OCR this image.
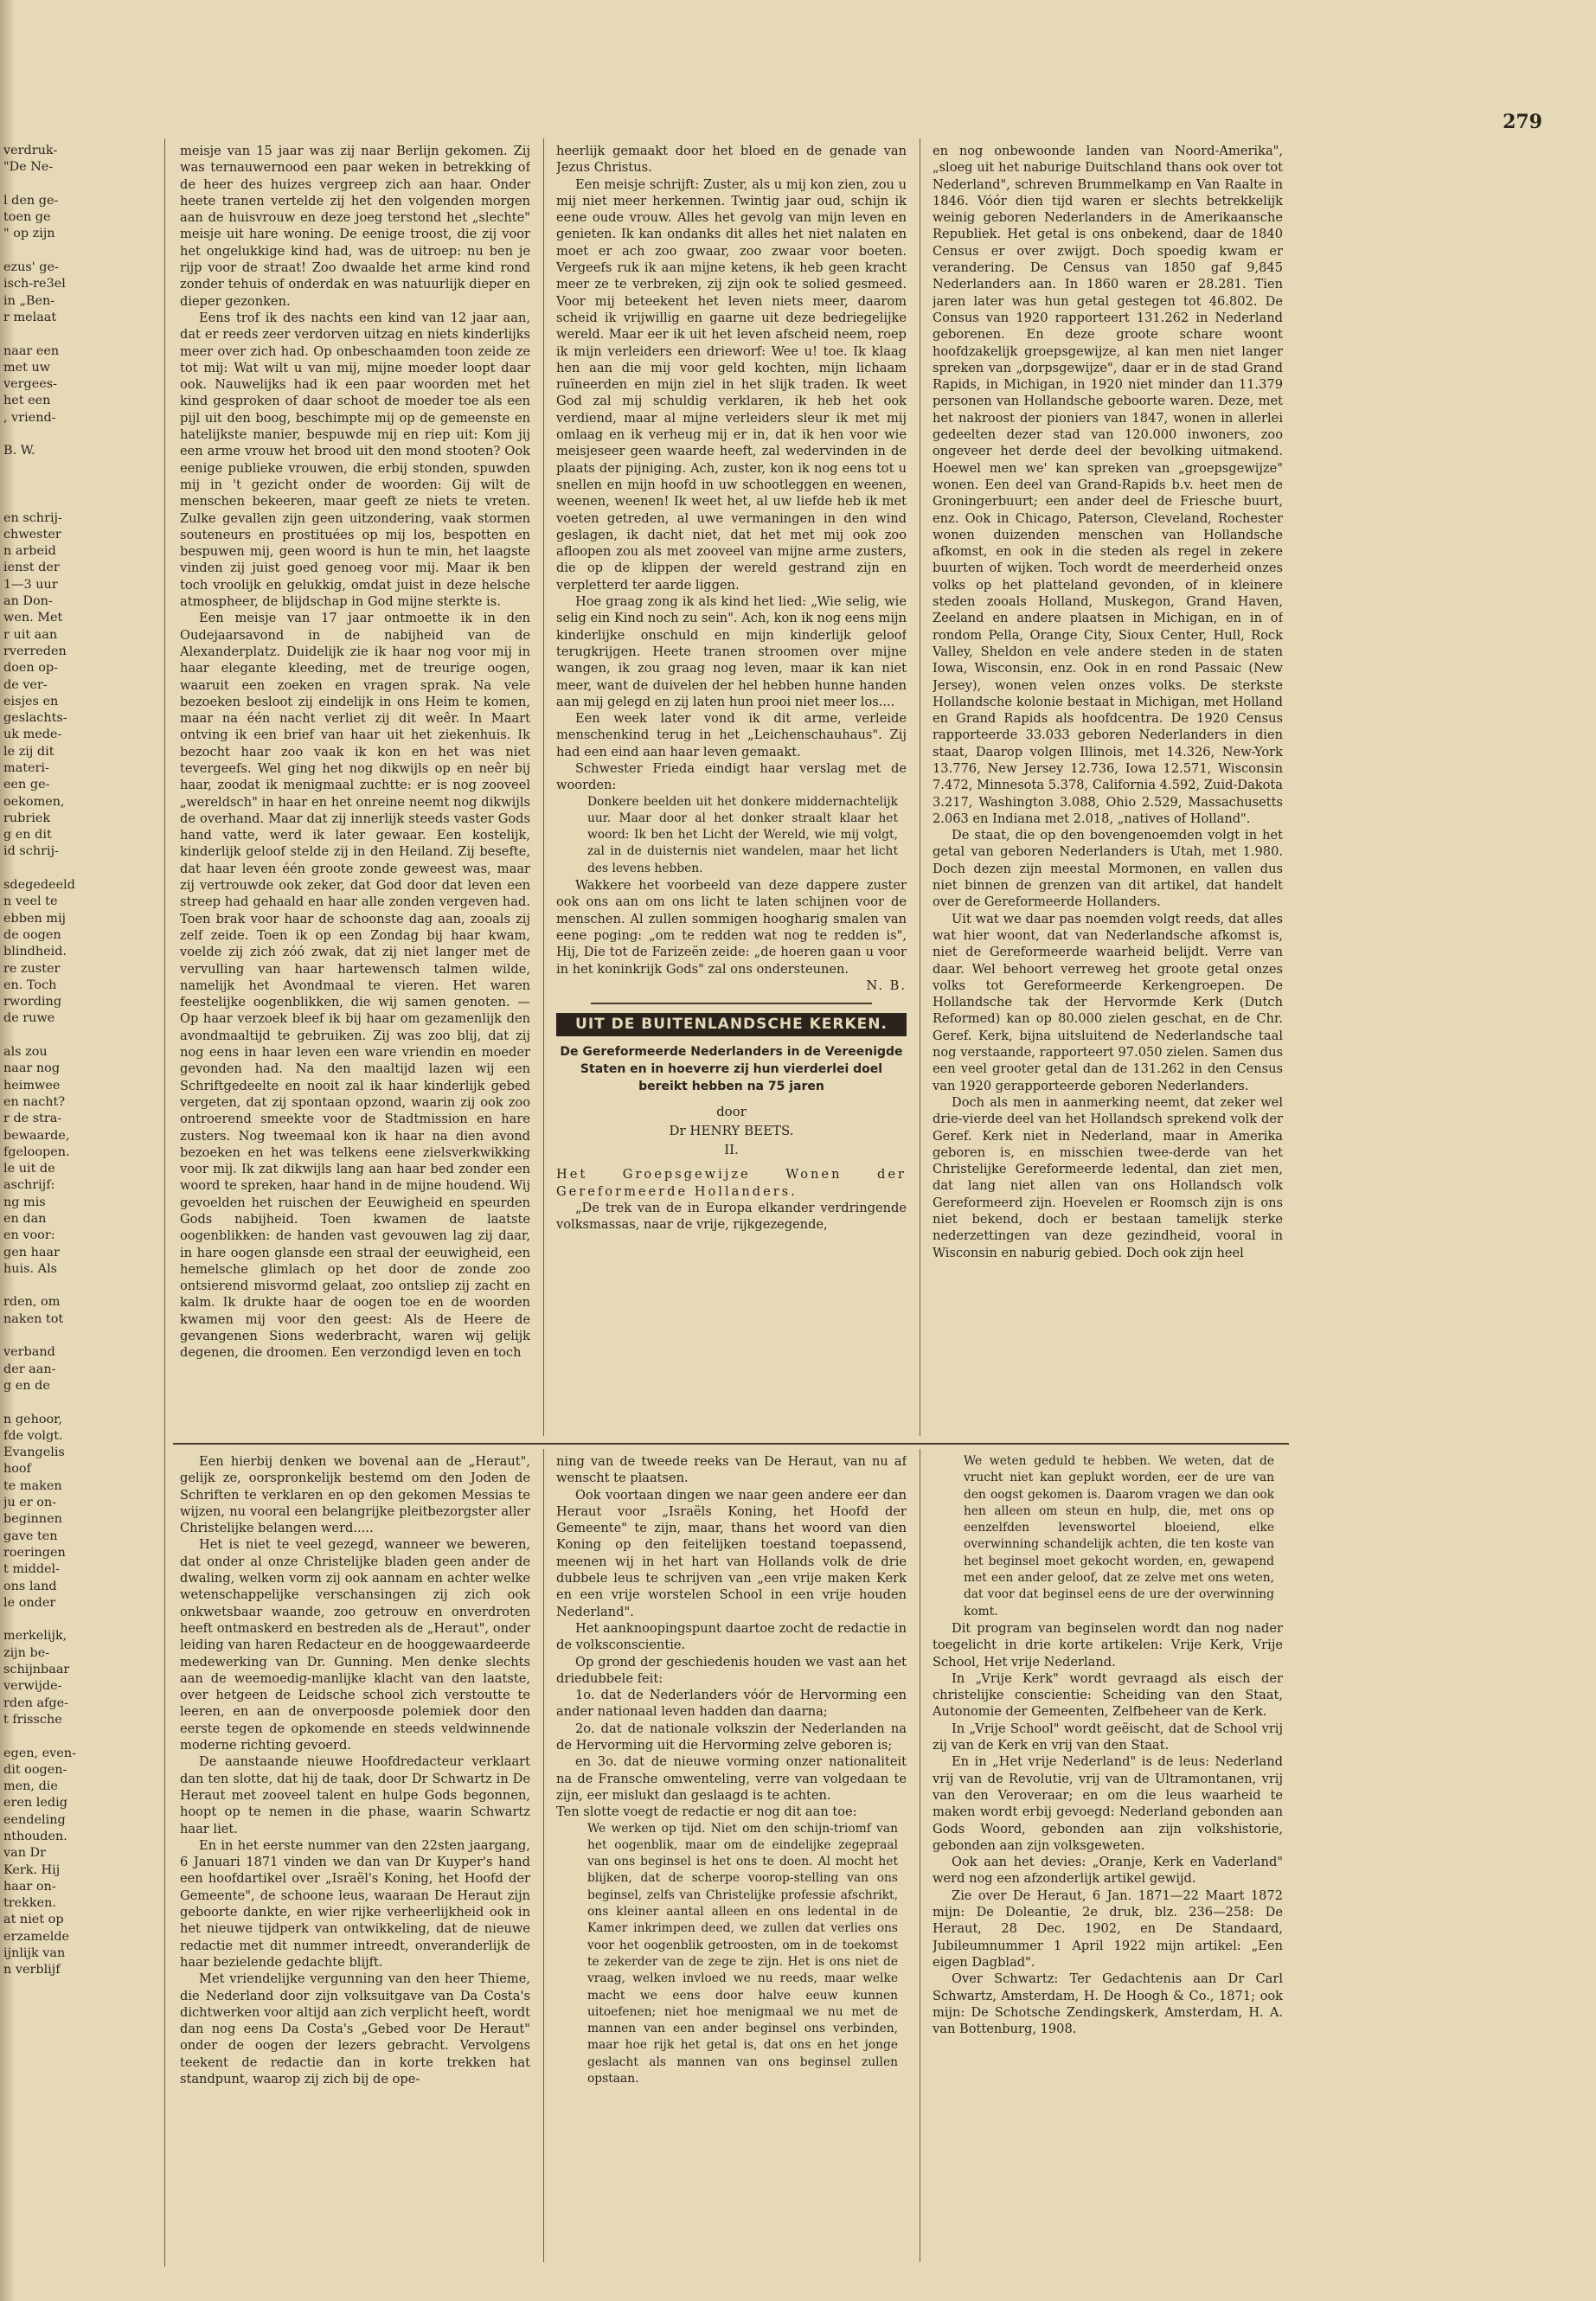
279
verdruk-
"De Ne-
l den ge-
toen ge
" op zijn
ezus' ge-
isch-re3el
in „Ben-
r melaat
naar een
met uw
vergees-
het een
, vriend-
B. W.
en schrij-
chwester
n arbeid
ienst der
1—3 uur
an Don-
wen. Met
r uit aan
rverreden
doen op-
de ver-
eisjes en
geslachts-
uk mede-
le zij dit
materi-
een ge-
oekomen,
rubriek
g en dit
id schrij-
sdegedeeld
n veel te
ebben mij
de oogen
blindheid.
re zuster
en. Toch
rwording
de ruwe
als zou
naar nog
heimwee
en nacht?
r de stra-
bewaarde,
fgeloopen.
le uit de
aschrijf:
ng mis
en dan
en voor:
gen haar
huis. Als
rden, om
naken tot
verband
der aan-
g en de
n gehoor,
fde volgt.
Evangelis
hoof
te maken
ju er on-
beginnen
gave ten
roeringen
t middel-
ons land
le onder
merkelijk,
zijn be-
schijnbaar
verwijde-
rden afge-
t frissche
egen, even-
dit oogen-
men, die
eren ledig
eendeling
nthouden.
van Dr
Kerk. Hij
haar on-
trekken.
at niet op
erzamelde
ijnlijk van
n verblijf

meisje van 15 jaar was zij naar Berlijn gekomen. Zij was ternauwernood een paar weken in betrekking of de heer des huizes vergreep zich aan haar. Onder heete tranen vertelde zij het den volgenden morgen aan de huisvrouw en deze joeg terstond het „slechte" meisje uit hare woning. De eenige troost, die zij voor het ongelukkige kind had, was de uitroep: nu ben je rijp voor de straat! Zoo dwaalde het arme kind rond zonder tehuis of onderdak en was natuurlijk dieper en dieper gezonken.

Eens trof ik des nachts een kind van 12 jaar aan, dat er reeds zeer verdorven uitzag en niets kinderlijks meer over zich had. Op onbeschaamden toon zeide ze tot mij: Wat wilt u van mij, mijne moeder loopt daar ook. Nauwelijks had ik een paar woorden met het kind gesproken of daar schoot de moeder toe als een pijl uit den boog, beschimpte mij op de gemeenste en hatelijkste manier, bespuwde mij en riep uit: Kom jij een arme vrouw het brood uit den mond stooten? Ook eenige publieke vrouwen, die erbij stonden, spuwden mij in 't gezicht onder de woorden: Gij wilt de menschen bekeeren, maar geeft ze niets te vreten. Zulke gevallen zijn geen uitzondering, vaak stormen souteneurs en prostituées op mij los, bespotten en bespuwen mij, geen woord is hun te min, het laagste vinden zij juist goed genoeg voor mij. Maar ik ben toch vroolijk en gelukkig, omdat juist in deze helsche atmospheer, de blijdschap in God mijne sterkte is.

Een meisje van 17 jaar ontmoette ik in den Oudejaarsavond in de nabijheid van de Alexanderplatz. Duidelijk zie ik haar nog voor mij in haar elegante kleeding, met de treurige oogen, waaruit een zoeken en vragen sprak. Na vele bezoeken besloot zij eindelijk in ons Heim te komen, maar na één nacht verliet zij dit weêr. In Maart ontving ik een brief van haar uit het ziekenhuis. Ik bezocht haar zoo vaak ik kon en het was niet tevergeefs. Wel ging het nog dikwijls op en neêr bij haar, zoodat ik menigmaal zuchtte: er is nog zooveel „wereldsch" in haar en het onreine neemt nog dikwijls de overhand. Maar dat zij innerlijk steeds vaster Gods hand vatte, werd ik later gewaar. Een kostelijk, kinderlijk geloof stelde zij in den Heiland. Zij besefte, dat haar leven één groote zonde geweest was, maar zij vertrouwde ook zeker, dat God door dat leven een streep had gehaald en haar alle zonden vergeven had. Toen brak voor haar de schoonste dag aan, zooals zij zelf zeide. Toen ik op een Zondag bij haar kwam, voelde zij zich zóó zwak, dat zij niet langer met de vervulling van haar hartewensch talmen wilde, namelijk het Avondmaal te vieren. Het waren feestelijke oogenblikken, die wij samen genoten. — Op haar verzoek bleef ik bij haar om gezamenlijk den avondmaaltijd te gebruiken. Zij was zoo blij, dat zij nog eens in haar leven een ware vriendin en moeder gevonden had. Na den maaltijd lazen wij een Schriftgedeelte en nooit zal ik haar kinderlijk gebed vergeten, dat zij spontaan opzond, waarin zij ook zoo ontroerend smeekte voor de Stadtmission en hare zusters. Nog tweemaal kon ik haar na dien avond bezoeken en het was telkens eene zielsverkwikking voor mij. Ik zat dikwijls lang aan haar bed zonder een woord te spreken, haar hand in de mijne houdend. Wij gevoelden het ruischen der Eeuwigheid en speurden Gods nabijheid. Toen kwamen de laatste oogenblikken: de handen vast gevouwen lag zij daar, in hare oogen glansde een straal der eeuwigheid, een hemelsche glimlach op het door de zonde zoo ontsierend misvormd gelaat, zoo ontsliep zij zacht en kalm. Ik drukte haar de oogen toe en de woorden kwamen mij voor den geest: Als de Heere de gevangenen Sions wederbracht, waren wij gelijk degenen, die droomen. Een verzondigd leven en toch

heerlijk gemaakt door het bloed en de genade van Jezus Christus.

Een meisje schrijft: Zuster, als u mij kon zien, zou u mij niet meer herkennen. Twintig jaar oud, schijn ik eene oude vrouw. Alles het gevolg van mijn leven en genieten. Ik kan ondanks dit alles het niet nalaten en moet er ach zoo gwaar, zoo zwaar voor boeten. Vergeefs ruk ik aan mijne ketens, ik heb geen kracht meer ze te verbreken, zij zijn ook te solied gesmeed. Voor mij beteekent het leven niets meer, daarom scheid ik vrijwillig en gaarne uit deze bedriegelijke wereld. Maar eer ik uit het leven afscheid neem, roep ik mijn verleiders een drieworf: Wee u! toe. Ik klaag hen aan die mij voor geld kochten, mijn lichaam ruïneerden en mijn ziel in het slijk traden. Ik weet God zal mij schuldig verklaren, ik heb het ook verdiend, maar al mijne verleiders sleur ik met mij omlaag en ik verheug mij er in, dat ik hen voor wie meisjeseer geen waarde heeft, zal wedervinden in de plaats der pijniging. Ach, zuster, kon ik nog eens tot u snellen en mijn hoofd in uw schootleggen en weenen, weenen, weenen! Ik weet het, al uw liefde heb ik met voeten getreden, al uwe vermaningen in den wind geslagen, ik dacht niet, dat het met mij ook zoo afloopen zou als met zooveel van mijne arme zusters, die op de klippen der wereld gestrand zijn en verpletterd ter aarde liggen.

Hoe graag zong ik als kind het lied: „Wie selig, wie selig ein Kind noch zu sein". Ach, kon ik nog eens mijn kinderlijke onschuld en mijn kinderlijk geloof terugkrijgen. Heete tranen stroomen over mijne wangen, ik zou graag nog leven, maar ik kan niet meer, want de duivelen der hel hebben hunne handen aan mij gelegd en zij laten hun prooi niet meer los....

Een week later vond ik dit arme, verleide menschenkind terug in het „Leichenschauhaus". Zij had een eind aan haar leven gemaakt.

Schwester Frieda eindigt haar verslag met de woorden:

Donkere beelden uit het donkere middernachtelijk uur. Maar door al het donker straalt klaar het woord: Ik ben het Licht der Wereld, wie mij volgt, zal in de duisternis niet wandelen, maar het licht des levens hebben.

Wakkere het voorbeeld van deze dappere zuster ook ons aan om ons licht te laten schijnen voor de menschen. Al zullen sommigen hoogharig smalen van eene poging: „om te redden wat nog te redden is", Hij, Die tot de Farizeën zeide: „de hoeren gaan u voor in het koninkrijk Gods" zal ons ondersteunen.

N. B.

UIT DE BUITENLANDSCHE KERKEN.
De Gereformeerde Nederlanders in de Vereenigde Staten en in hoeverre zij hun vierderlei doel bereikt hebben na 75 jaren
door
Dr HENRY BEETS.
II.

Het Groepsgewijze Wonen der Gereformeerde Hollanders.

„De trek van de in Europa elkander verdringende volksmassas, naar de vrije, rijkgezegende,

en nog onbewoonde landen van Noord-Amerika", „sloeg uit het naburige Duitschland thans ook over tot Nederland", schreven Brummelkamp en Van Raalte in 1846. Vóór dien tijd waren er slechts betrekkelijk weinig geboren Nederlanders in de Amerikaansche Republiek. Het getal is ons onbekend, daar de 1840 Census er over zwijgt. Doch spoedig kwam er verandering. De Census van 1850 gaf 9,845 Nederlanders aan. In 1860 waren er 28.281. Tien jaren later was hun getal gestegen tot 46.802. De Consus van 1920 rapporteert 131.262 in Nederland geborenen. En deze groote schare woont hoofdzakelijk groepsgewijze, al kan men niet langer spreken van „dorpsgewijze", daar er in de stad Grand Rapids, in Michigan, in 1920 niet minder dan 11.379 personen van Hollandsche geboorte waren. Deze, met het nakroost der pioniers van 1847, wonen in allerlei gedeelten dezer stad van 120.000 inwoners, zoo ongeveer het derde deel der bevolking uitmakend. Hoewel men we' kan spreken van „groepsgewijze" wonen. Een deel van Grand-Rapids b.v. heet men de Groningerbuurt; een ander deel de Friesche buurt, enz. Ook in Chicago, Paterson, Cleveland, Rochester wonen duizenden menschen van Hollandsche afkomst, en ook in die steden als regel in zekere buurten of wijken. Toch wordt de meerderheid onzes volks op het platteland gevonden, of in kleinere steden zooals Holland, Muskegon, Grand Haven, Zeeland en andere plaatsen in Michigan, en in of rondom Pella, Orange City, Sioux Center, Hull, Rock Valley, Sheldon en vele andere steden in de staten Iowa, Wisconsin, enz. Ook in en rond Passaic (New Jersey), wonen velen onzes volks. De sterkste Hollandsche kolonie bestaat in Michigan, met Holland en Grand Rapids als hoofdcentra. De 1920 Census rapporteerde 33.033 geboren Nederlanders in dien staat, Daarop volgen Illinois, met 14.326, New-York 13.776, New Jersey 12.736, Iowa 12.571, Wisconsin 7.472, Minnesota 5.378, California 4.592, Zuid-Dakota 3.217, Washington 3.088, Ohio 2.529, Massachusetts 2.063 en Indiana met 2.018, „natives of Holland".

De staat, die op den bovengenoemden volgt in het getal van geboren Nederlanders is Utah, met 1.980. Doch dezen zijn meestal Mormonen, en vallen dus niet binnen de grenzen van dit artikel, dat handelt over de Gereformeerde Hollanders.

Uit wat we daar pas noemden volgt reeds, dat alles wat hier woont, dat van Nederlandsche afkomst is, niet de Gereformeerde waarheid belijdt. Verre van daar. Wel behoort verreweg het groote getal onzes volks tot Gereformeerde Kerkengroepen. De Hollandsche tak der Hervormde Kerk (Dutch Reformed) kan op 80.000 zielen geschat, en de Chr. Geref. Kerk, bijna uitsluitend de Nederlandsche taal nog verstaande, rapporteert 97.050 zielen. Samen dus een veel grooter getal dan de 131.262 in den Census van 1920 gerapporteerde geboren Nederlanders.

Doch als men in aanmerking neemt, dat zeker wel drie-vierde deel van het Hollandsch sprekend volk der Geref. Kerk niet in Nederland, maar in Amerika geboren is, en misschien twee-derde van het Christelijke Gereformeerde ledental, dan ziet men, dat lang niet allen van ons Hollandsch volk Gereformeerd zijn. Hoevelen er Roomsch zijn is ons niet bekend, doch er bestaan tamelijk sterke nederzettingen van deze gezindheid, vooral in Wisconsin en naburig gebied. Doch ook zijn heel

Een hierbij denken we bovenal aan de „Heraut", gelijk ze, oorspronkelijk bestemd om den Joden de Schriften te verklaren en op den gekomen Messias te wijzen, nu vooral een belangrijke pleitbezorgster aller Christelijke belangen werd.....

Het is niet te veel gezegd, wanneer we beweren, dat onder al onze Christelijke bladen geen ander de dwaling, welken vorm zij ook aannam en achter welke wetenschappelijke verschansingen zij zich ook onkwetsbaar waande, zoo getrouw en onverdroten heeft ontmaskerd en bestreden als de „Heraut", onder leiding van haren Redacteur en de hooggewaardeerde medewerking van Dr. Gunning. Men denke slechts aan de weemoedig-manlijke klacht van den laatste, over hetgeen de Leidsche school zich verstoutte te leeren, en aan de onverpoosde polemiek door den eerste tegen de opkomende en steeds veldwinnende moderne richting gevoerd.

De aanstaande nieuwe Hoofdredacteur verklaart dan ten slotte, dat hij de taak, door Dr Schwartz in De Heraut met zooveel talent en hulpe Gods begonnen, hoopt op te nemen in die phase, waarin Schwartz haar liet.

En in het eerste nummer van den 22sten jaargang, 6 Januari 1871 vinden we dan van Dr Kuyper's hand een hoofdartikel over „Israël's Koning, het Hoofd der Gemeente", de schoone leus, waaraan De Heraut zijn geboorte dankte, en wier rijke verheerlijkheid ook in het nieuwe tijdperk van ontwikkeling, dat de nieuwe redactie met dit nummer intreedt, onveranderlijk de haar bezielende gedachte blijft.

Met vriendelijke vergunning van den heer Thieme, die Nederland door zijn volksuitgave van Da Costa's dichtwerken voor altijd aan zich verplicht heeft, wordt dan nog eens Da Costa's „Gebed voor De Heraut" onder de oogen der lezers gebracht. Vervolgens teekent de redactie dan in korte trekken hat standpunt, waarop zij zich bij de ope-

ning van de tweede reeks van De Heraut, van nu af wenscht te plaatsen.

Ook voortaan dingen we naar geen andere eer dan Heraut voor „Israëls Koning, het Hoofd der Gemeente" te zijn, maar, thans het woord van dien Koning op den feitelijken toestand toepassend, meenen wij in het hart van Hollands volk de drie dubbele leus te schrijven van „een vrije maken Kerk en een vrije worstelen School in een vrije houden Nederland".

Het aanknoopingspunt daartoe zocht de redactie in de volksconscientie.

Op grond der geschiedenis houden we vast aan het driedubbele feit:

1o. dat de Nederlanders vóór de Hervorming een ander nationaal leven hadden dan daarna;

2o. dat de nationale volkszin der Nederlanden na de Hervorming uit die Hervorming zelve geboren is;

en 3o. dat de nieuwe vorming onzer nationaliteit na de Fransche omwenteling, verre van volgedaan te zijn, eer mislukt dan geslaagd is te achten.

Ten slotte voegt de redactie er nog dit aan toe:

We werken op tijd. Niet om den schijn-triomf van het oogenblik, maar om de eindelijke zegepraal van ons beginsel is het ons te doen. Al mocht het blijken, dat de scherpe voorop-stelling van ons beginsel, zelfs van Christelijke professie afschrikt, ons kleiner aantal alleen en ons ledental in de Kamer inkrimpen deed, we zullen dat verlies ons voor het oogenblik getroosten, om in de toekomst te zekerder van de zege te zijn. Het is ons niet de vraag, welken invloed we nu reeds, maar welke macht we eens door halve eeuw kunnen uitoefenen; niet hoe menigmaal we nu met de mannen van een ander beginsel ons verbinden, maar hoe rijk het getal is, dat ons en het jonge geslacht als mannen van ons beginsel zullen opstaan.

We weten geduld te hebben. We weten, dat de vrucht niet kan geplukt worden, eer de ure van den oogst gekomen is. Daarom vragen we dan ook hen alleen om steun en hulp, die, met ons op eenzelfden levenswortel bloeiend, elke overwinning schandelijk achten, die ten koste van het beginsel moet gekocht worden, en, gewapend met een ander geloof, dat ze zelve met ons weten, dat voor dat beginsel eens de ure der overwinning komt.

Dit program van beginselen wordt dan nog nader toegelicht in drie korte artikelen: Vrije Kerk, Vrije School, Het vrije Nederland.

In „Vrije Kerk" wordt gevraagd als eisch der christelijke conscientie: Scheiding van den Staat, Autonomie der Gemeenten, Zelfbeheer van de Kerk.

In „Vrije School" wordt geëischt, dat de School vrij zij van de Kerk en vrij van den Staat.

En in „Het vrije Nederland" is de leus: Nederland vrij van de Revolutie, vrij van de Ultramontanen, vrij van den Veroveraar; en om die leus waarheid te maken wordt erbij gevoegd: Nederland gebonden aan Gods Woord, gebonden aan zijn volkshistorie, gebonden aan zijn volksgeweten.

Ook aan het devies: „Oranje, Kerk en Vaderland" werd nog een afzonderlijk artikel gewijd.

Zie over De Heraut, 6 Jan. 1871—22 Maart 1872 mijn: De Doleantie, 2e druk, blz. 236—258: De Heraut, 28 Dec. 1902, en De Standaard, Jubileumnummer 1 April 1922 mijn artikel: „Een eigen Dagblad".

Over Schwartz: Ter Gedachtenis aan Dr Carl Schwartz, Amsterdam, H. De Hoogh & Co., 1871; ook mijn: De Schotsche Zendingskerk, Amsterdam, H. A. van Bottenburg, 1908.
